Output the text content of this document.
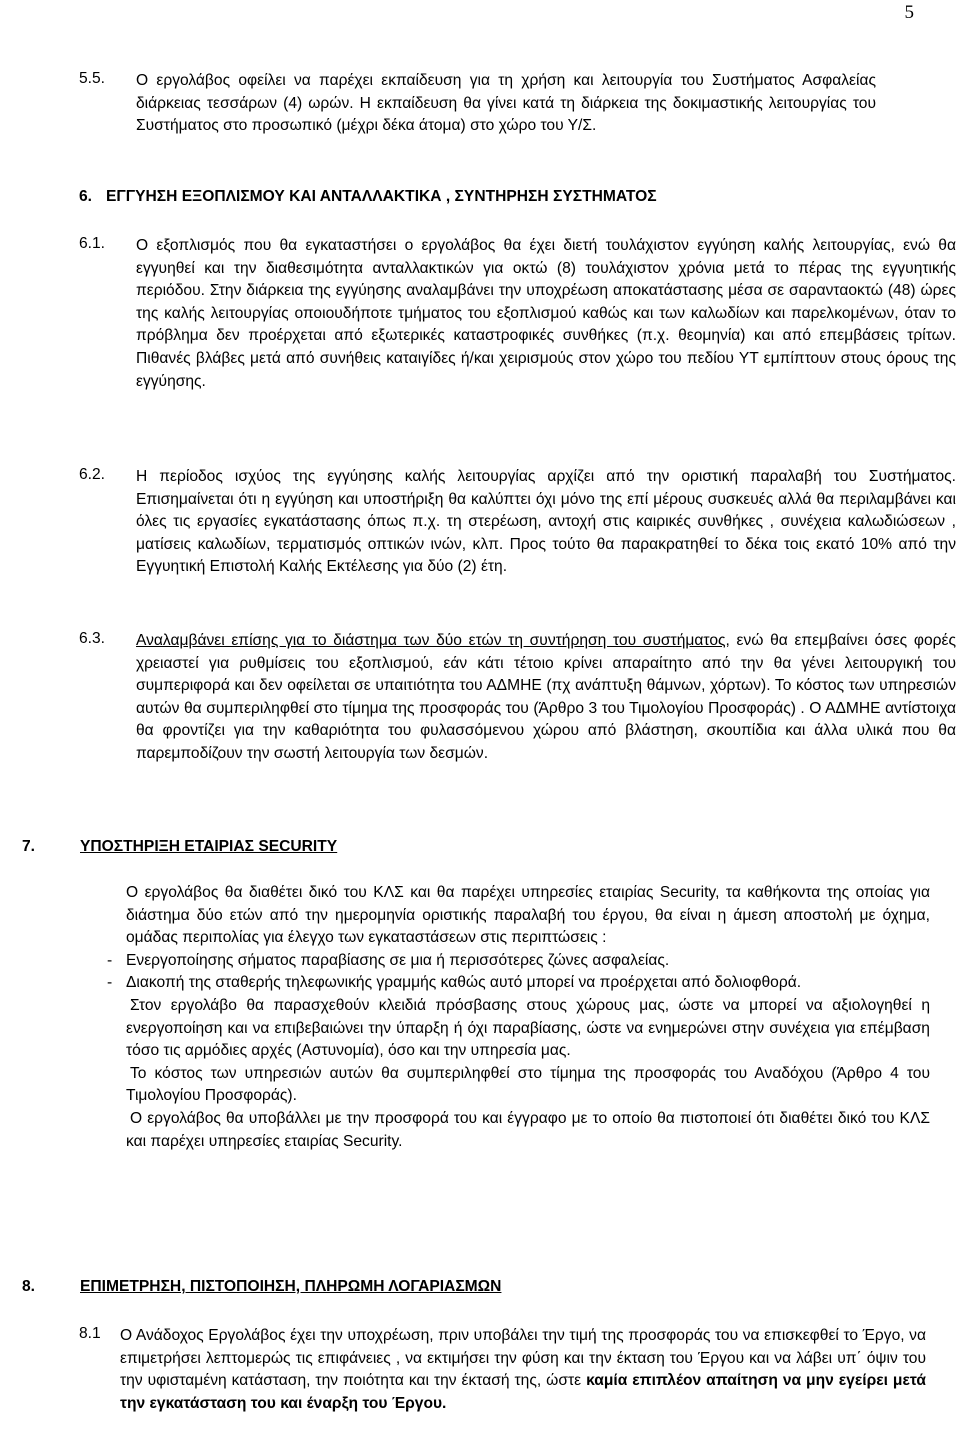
5
5.5. Ο εργολάβος οφείλει να παρέχει εκπαίδευση για τη χρήση και λειτουργία του Συστήματος Ασφαλείας διάρκειας τεσσάρων (4) ωρών. Η εκπαίδευση θα γίνει κατά τη διάρκεια της δοκιμαστικής λειτουργίας του Συστήματος στο προσωπικό (μέχρι δέκα άτομα) στο χώρο του Υ/Σ.

6. ΕΓΓΥΗΣΗ ΕΞΟΠΛΙΣΜΟΥ ΚΑΙ ΑΝΤΑΛΛΑΚΤΙΚΑ , ΣΥΝΤΗΡΗΣΗ ΣΥΣΤΗΜΑΤΟΣ
6.1. Ο εξοπλισμός που θα εγκαταστήσει ο εργολάβος θα έχει διετή τουλάχιστον εγγύηση καλής λειτουργίας, ενώ θα εγγυηθεί και την διαθεσιμότητα ανταλλακτικών για οκτώ (8) τουλάχιστον χρόνια μετά το πέρας της εγγυητικής περιόδου. Στην διάρκεια της εγγύησης αναλαμβάνει την υποχρέωση αποκατάστασης μέσα σε σαρανταοκτώ (48) ώρες της καλής λειτουργίας οποιουδήποτε τμήματος του εξοπλισμού καθώς και των καλωδίων και παρελκομένων, όταν το πρόβλημα δεν προέρχεται από εξωτερικές καταστροφικές συνθήκες (π.χ. θεομηνία) και από επεμβάσεις τρίτων. Πιθανές βλάβες μετά από συνήθεις καταιγίδες ή/και χειρισμούς στον χώρο του πεδίου ΥΤ εμπίπτουν στους όρους της εγγύησης.

6.2. Η περίοδος ισχύος της εγγύησης καλής λειτουργίας αρχίζει από την οριστική παραλαβή του Συστήματος. Επισημαίνεται ότι η εγγύηση και υποστήριξη θα καλύπτει όχι μόνο της επί μέρους συσκευές αλλά θα περιλαμβάνει και όλες τις εργασίες εγκατάστασης όπως π.χ. τη στερέωση, αντοχή στις καιρικές συνθήκες , συνέχεια καλωδιώσεων , ματίσεις καλωδίων, τερματισμός οπτικών ινών, κλπ. Προς τούτο θα παρακρατηθεί το δέκα τοις εκατό 10% από την Εγγυητική Επιστολή Καλής Εκτέλεσης για δύο (2) έτη.

6.3. Αναλαμβάνει επίσης για το διάστημα των δύο ετών τη συντήρηση του συστήματος, ενώ θα επεμβαίνει όσες φορές χρειαστεί για ρυθμίσεις του εξοπλισμού, εάν κάτι τέτοιο κρίνει απαραίτητο από την θα γένει λειτουργική του συμπεριφορά και δεν οφείλεται σε υπαιτιότητα του ΑΔΜΗΕ (πχ ανάπτυξη θάμνων, χόρτων). Το κόστος των υπηρεσιών αυτών θα συμπεριληφθεί στο τίμημα της προσφοράς του (Άρθρο 3 του Τιμολογίου Προσφοράς) . Ο ΑΔΜΗΕ αντίστοιχα θα φροντίζει για την καθαριότητα του φυλασσόμενου χώρου από βλάστηση, σκουπίδια και άλλα υλικά που θα παρεμποδίζουν την σωστή λειτουργία των δεσμών.

7.	ΥΠΟΣΤΗΡΙΞΗ ΕΤΑΙΡΙΑΣ SECURITY

Ο εργολάβος θα διαθέτει δικό του ΚΛΣ και θα παρέχει υπηρεσίες εταιρίας Security, τα καθήκοντα της οποίας για διάστημα δύο ετών από την ημερομηνία οριστικής παραλαβή του έργου, θα είναι η άμεση αποστολή με όχημα, ομάδας περιπολίας για έλεγχο των εγκαταστάσεων στις περιπτώσεις :

- Ενεργοποίησης σήματος παραβίασης σε μια ή περισσότερες ζώνες ασφαλείας.
- Διακοπή της σταθερής τηλεφωνικής γραμμής καθώς αυτό μπορεί να προέρχεται από δολιοφθορά.

Στον εργολάβο θα παρασχεθούν κλειδιά πρόσβασης στους χώρους μας, ώστε να μπορεί να αξιολογηθεί η ενεργοποίηση και να επιβεβαιώνει την ύπαρξη ή όχι παραβίασης, ώστε να ενημερώνει στην συνέχεια για επέμβαση τόσο τις αρμόδιες αρχές (Αστυνομία), όσο και την υπηρεσία μας.

Το κόστος των υπηρεσιών αυτών θα συμπεριληφθεί στο τίμημα της προσφοράς του Αναδόχου (Άρθρο 4 του Τιμολογίου Προσφοράς).

Ο εργολάβος θα υποβάλλει με την προσφορά του και έγγραφο με το οποίο θα πιστοποιεί ότι διαθέτει δικό του ΚΛΣ και παρέχει υπηρεσίες εταιρίας Security.

8.	ΕΠΙΜΕΤΡΗΣΗ, ΠΙΣΤΟΠΟΙΗΣΗ, ΠΛΗΡΩΜΗ ΛΟΓΑΡΙΑΣΜΩΝ
8.1 Ο Ανάδοχος Εργολάβος έχει την υποχρέωση, πριν υποβάλει την τιμή της προσφοράς του να επισκεφθεί το Έργο, να επιμετρήσει λεπτομερώς τις επιφάνειες , να εκτιμήσει την φύση και την έκταση του Έργου και να λάβει υπ΄ όψιν του την υφισταμένη κατάσταση, την ποιότητα και την έκτασή της, ώστε καμία επιπλέον απαίτηση να μην εγείρει μετά την εγκατάσταση του και έναρξη του Έργου.
